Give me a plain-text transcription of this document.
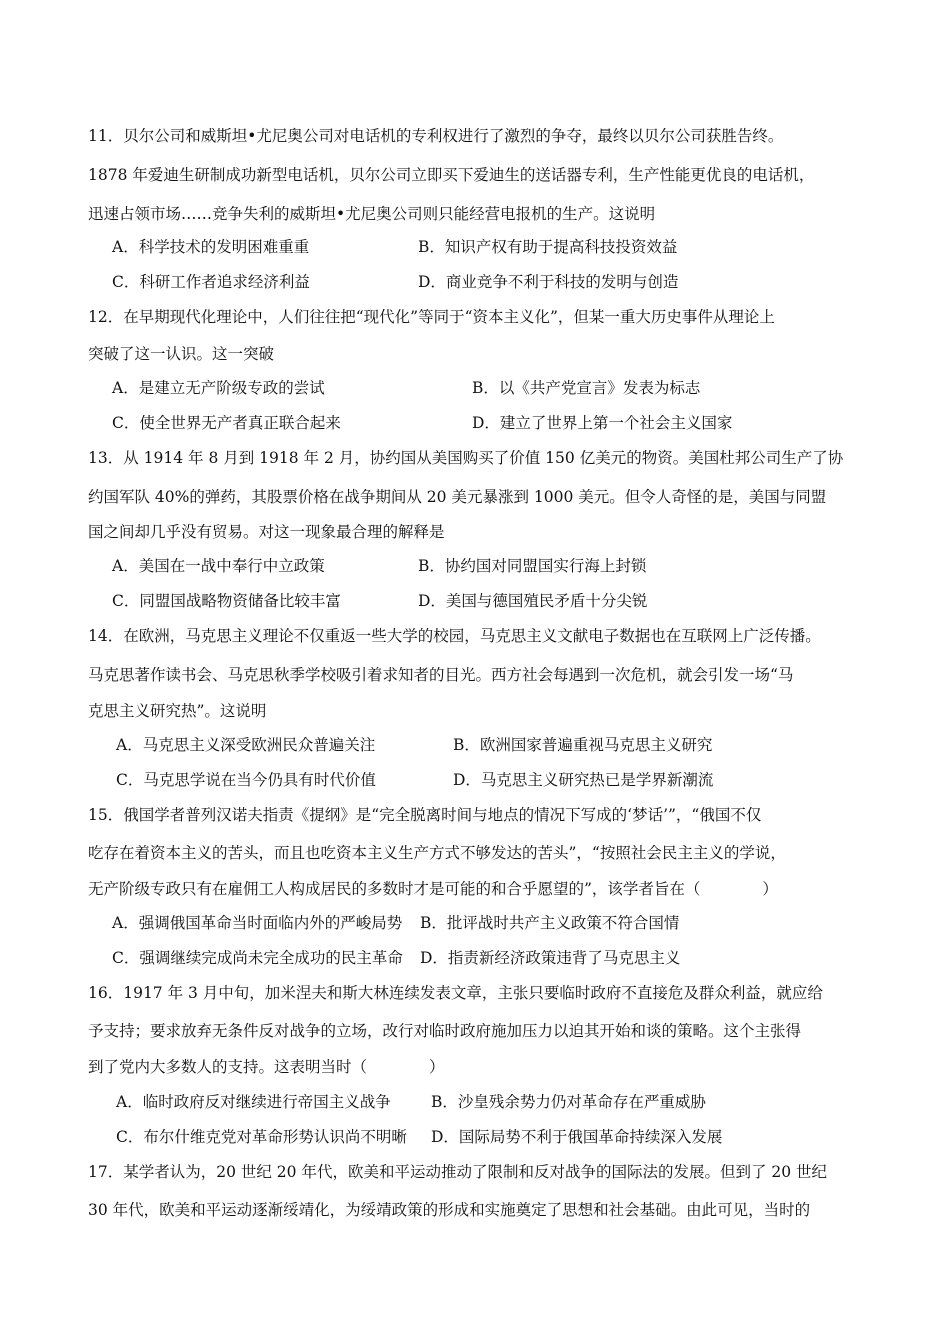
11．贝尔公司和威斯坦•尤尼奥公司对电话机的专利权进行了激烈的争夺，最终以贝尔公司获胜告终。
1878 年爱迪生研制成功新型电话机，贝尔公司立即买下爱迪生的送话器专利，生产性能更优良的电话机，
迅速占领市场……竞争失利的威斯坦•尤尼奥公司则只能经营电报机的生产。这说明
A．科学技术的发明困难重重	B．知识产权有助于提高科技投资效益
C．科研工作者追求经济利益	D．商业竞争不利于科技的发明与创造
12．在早期现代化理论中，人们往往把“现代化”等同于“资本主义化”，但某一重大历史事件从理论上
突破了这一认识。这一突破
A．是建立无产阶级专政的尝试	B．以《共产党宣言》发表为标志
C．使全世界无产者真正联合起来	D．建立了世界上第一个社会主义国家
13．从 1914 年 8 月到 1918 年 2 月，协约国从美国购买了价值 150 亿美元的物资。美国杜邦公司生产了协
约国军队 40%的弹药，其股票价格在战争期间从 20 美元暴涨到 1000 美元。但令人奇怪的是，美国与同盟
国之间却几乎没有贸易。对这一现象最合理的解释是
A．美国在一战中奉行中立政策	B．协约国对同盟国实行海上封锁
C．同盟国战略物资储备比较丰富	D．美国与德国殖民矛盾十分尖锐
14．在欧洲，马克思主义理论不仅重返一些大学的校园，马克思主义文献电子数据也在互联网上广泛传播。
马克思著作读书会、马克思秋季学校吸引着求知者的目光。西方社会每遇到一次危机，就会引发一场“马
克思主义研究热”。这说明
A．马克思主义深受欧洲民众普遍关注	B．欧洲国家普遍重视马克思主义研究
C．马克思学说在当今仍具有时代价值	D．马克思主义研究热已是学界新潮流
15．俄国学者普列汉诺夫指责《提纲》是“完全脱离时间与地点的情况下写成的‘梦话’”，“俄国不仅
吃存在着资本主义的苦头，而且也吃资本主义生产方式不够发达的苦头”，“按照社会民主主义的学说，
无产阶级专政只有在雇佣工人构成居民的多数时才是可能的和合乎愿望的”，该学者旨在（　　　　）
A．强调俄国革命当时面临内外的严峻局势 B．批评战时共产主义政策不符合国情
C．强调继续完成尚未完全成功的民主革命 D．指责新经济政策违背了马克思主义
16．1917 年 3 月中旬，加米涅夫和斯大林连续发表文章，主张只要临时政府不直接危及群众利益，就应给
予支持；要求放弃无条件反对战争的立场，改行对临时政府施加压力以迫其开始和谈的策略。这个主张得
到了党内大多数人的支持。这表明当时（　　　　）
A．临时政府反对继续进行帝国主义战争	B．沙皇残余势力仍对革命存在严重威胁
C．布尔什维克党对革命形势认识尚不明晰 D．国际局势不利于俄国革命持续深入发展
17．某学者认为，20 世纪 20 年代，欧美和平运动推动了限制和反对战争的国际法的发展。但到了 20 世纪
30 年代，欧美和平运动逐渐绥靖化，为绥靖政策的形成和实施奠定了思想和社会基础。由此可见，当时的
